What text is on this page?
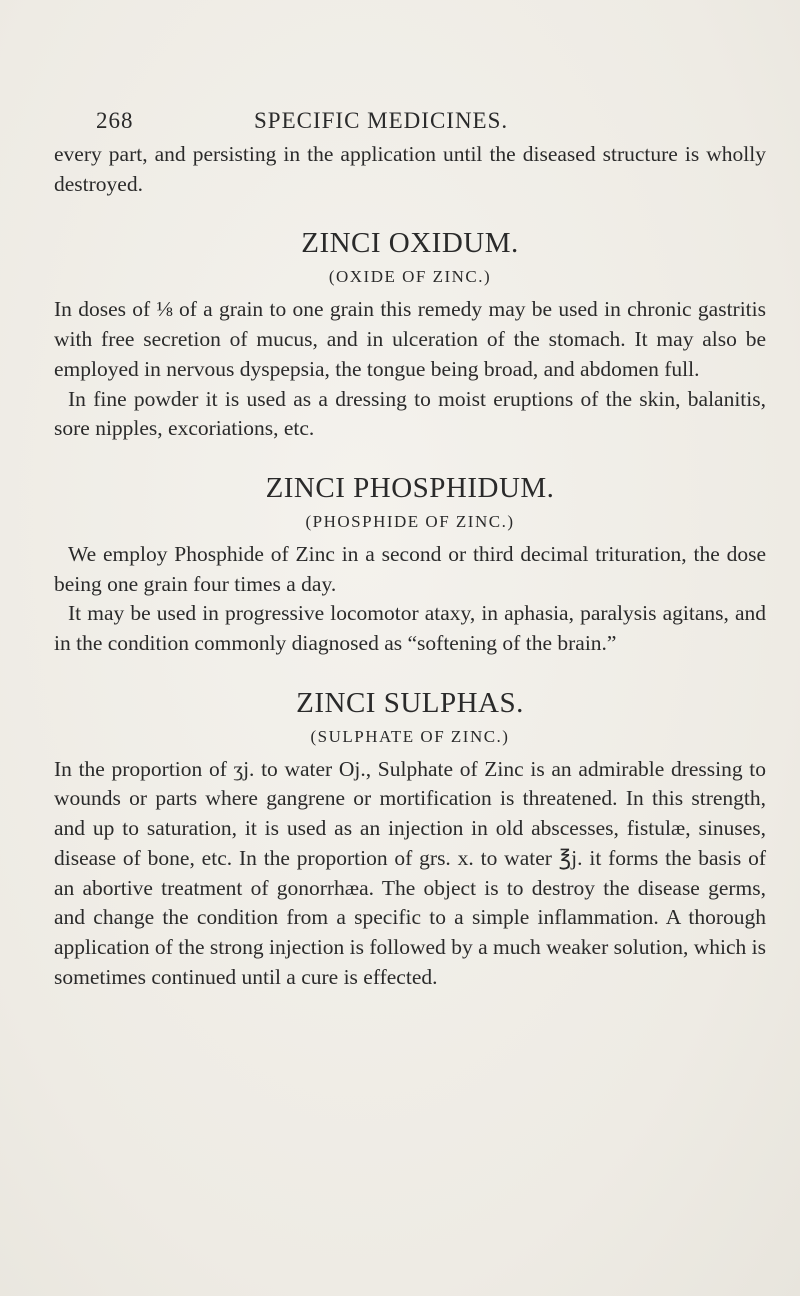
268	SPECIFIC MEDICINES.

every part, and persisting in the application until the diseased structure is wholly destroyed.

ZINCI OXIDUM.
(OXIDE OF ZINC.)

In doses of ⅛ of a grain to one grain this remedy may be used in chronic gastritis with free secretion of mucus, and in ulceration of the stomach. It may also be employed in nervous dyspepsia, the tongue being broad, and abdomen full.

In fine powder it is used as a dressing to moist eruptions of the skin, balanitis, sore nipples, excoriations, etc.

ZINCI PHOSPHIDUM.
(PHOSPHIDE OF ZINC.)

We employ Phosphide of Zinc in a second or third decimal trituration, the dose being one grain four times a day.

It may be used in progressive locomotor ataxy, in aphasia, paralysis agitans, and in the condition commonly diagnosed as “softening of the brain.”

ZINCI SULPHAS.
(SULPHATE OF ZINC.)

In the proportion of ʒj. to water Oj., Sulphate of Zinc is an admirable dressing to wounds or parts where gangrene or mortification is threatened. In this strength, and up to saturation, it is used as an injection in old abscesses, fistulæ, sinuses, disease of bone, etc. In the proportion of grs. x. to water ℥j. it forms the basis of an abortive treatment of gonorrhæa. The object is to destroy the disease germs, and change the condition from a specific to a simple inflammation. A thorough application of the strong injection is followed by a much weaker solution, which is sometimes continued until a cure is effected.
